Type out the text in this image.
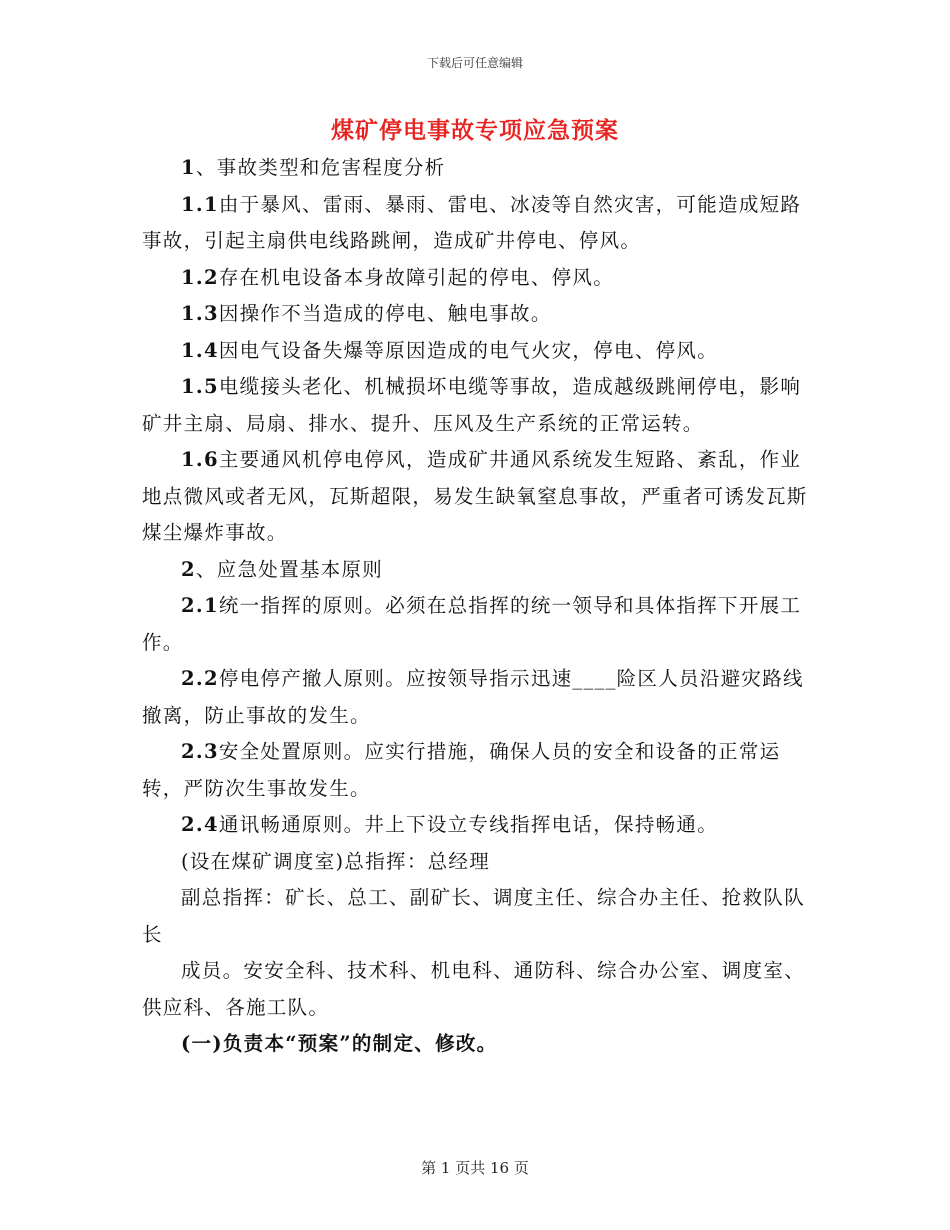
下载后可任意编辑
煤矿停电事故专项应急预案

1、事故类型和危害程度分析

1.1由于暴风、雷雨、暴雨、雷电、冰凌等自然灾害，可能造成短路事故，引起主扇供电线路跳闸，造成矿井停电、停风。

1.2存在机电设备本身故障引起的停电、停风。

1.3因操作不当造成的停电、触电事故。

1.4因电气设备失爆等原因造成的电气火灾，停电、停风。

1.5电缆接头老化、机械损坏电缆等事故，造成越级跳闸停电，影响矿井主扇、局扇、排水、提升、压风及生产系统的正常运转。

1.6主要通风机停电停风，造成矿井通风系统发生短路、紊乱，作业地点微风或者无风，瓦斯超限，易发生缺氧窒息事故，严重者可诱发瓦斯煤尘爆炸事故。

2、应急处置基本原则

2.1统一指挥的原则。必须在总指挥的统一领导和具体指挥下开展工作。

2.2停电停产撤人原则。应按领导指示迅速____险区人员沿避灾路线撤离，防止事故的发生。

2.3安全处置原则。应实行措施，确保人员的安全和设备的正常运转，严防次生事故发生。

2.4通讯畅通原则。井上下设立专线指挥电话，保持畅通。

(设在煤矿调度室)总指挥：总经理

副总指挥：矿长、总工、副矿长、调度主任、综合办主任、抢救队队长

成员。安安全科、技术科、机电科、通防科、综合办公室、调度室、供应科、各施工队。

(一)负责本“预案”的制定、修改。

第 1 页共 16 页
